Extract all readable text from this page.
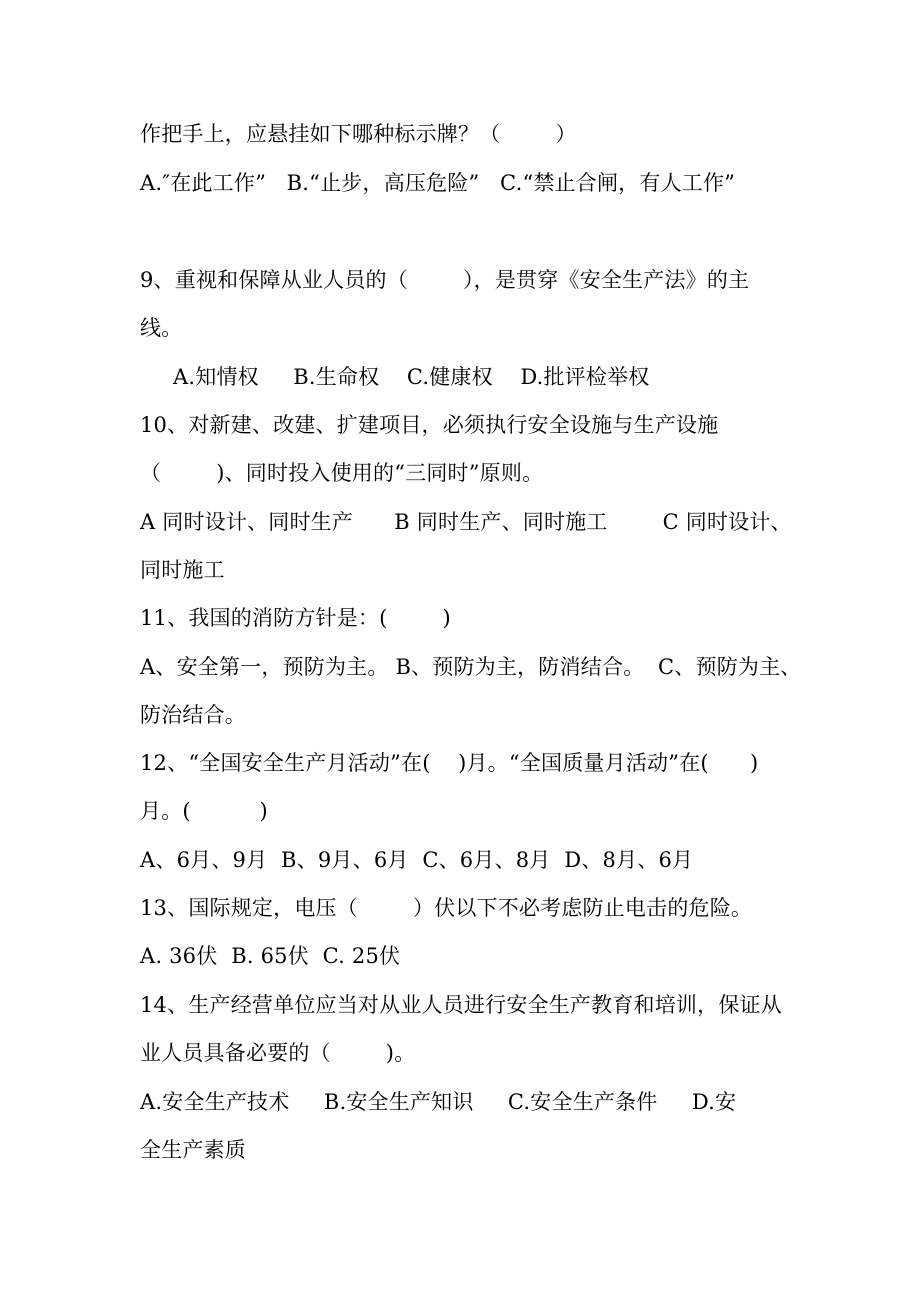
作把手上，应悬挂如下哪种标示牌？（        ）
A.″在此工作”   B.“止步，高压危险”   C.“禁止合闸，有人工作”
9、重视和保障从业人员的（        ），是贯穿《安全生产法》的主
线。
A.知情权     B.生命权    C.健康权    D.批评检举权
10、对新建、改建、扩建项目，必须执行安全设施与生产设施
（        )、同时投入使用的“三同时”原则。
A 同时设计、同时生产      B 同时生产、同时施工        C 同时设计、
同时施工
11、我国的消防方针是：(        )
A、安全第一，预防为主。 B、预防为主，防消结合。  C、预防为主、
防治结合。
12、“全国安全生产月活动”在(    )月。“全国质量月活动”在(      )
月。(          )
A、6月、9月  B、9月、6月  C、6月、8月  D、8月、6月
13、国际规定，电压（        ）伏以下不必考虑防止电击的危险。
A. 36伏  B. 65伏  C. 25伏
14、生产经营单位应当对从业人员进行安全生产教育和培训，保证从
业人员具备必要的（        )。
A.安全生产技术     B.安全生产知识     C.安全生产条件     D.安
全生产素质
